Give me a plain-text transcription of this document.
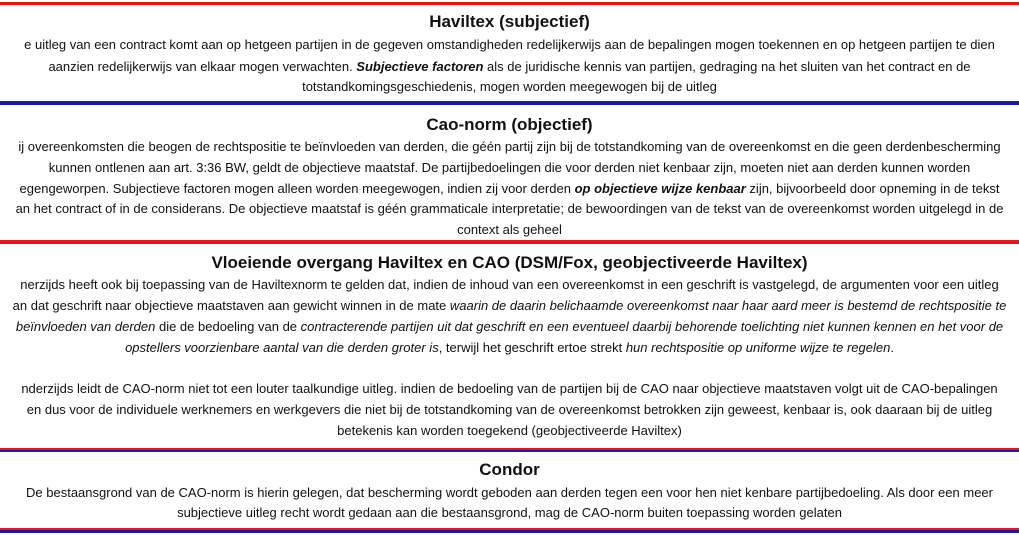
Haviltex (subjectief)
e uitleg van een contract komt aan op hetgeen partijen in de gegeven omstandigheden redelijkerwijs aan de bepalingen mogen toekennen en op hetgeen partijen te dien
aanzien redelijkerwijs van elkaar mogen verwachten. Subjectieve factoren als de juridische kennis van partijen, gedraging na het sluiten van het contract en de
totstandkomingsgeschiedenis, mogen worden meegewogen bij de uitleg
Cao-norm (objectief)
ij overeenkomsten die beogen de rechtspositie te beïnvloeden van derden, die géén partij zijn bij de totstandkoming van de overeenkomst en die geen derdenbescherming
kunnen ontlenen aan art. 3:36 BW, geldt de objectieve maatstaf. De partijbedoelingen die voor derden niet kenbaar zijn, moeten niet aan derden kunnen worden
egengeworpen. Subjectieve factoren mogen alleen worden meegewogen, indien zij voor derden op objectieve wijze kenbaar zijn, bijvoorbeeld door opneming in de tekst
an het contract of in de considerans. De objectieve maatstaf is géén grammaticale interpretatie; de bewoordingen van de tekst van de overeenkomst worden uitgelegd in de
context als geheel
Vloeiende overgang Haviltex en CAO (DSM/Fox, geobjectiveerde Haviltex)
nerzijds heeft ook bij toepassing van de Haviltexnorm te gelden dat, indien de inhoud van een overeenkomst in een geschrift is vastgelegd, de argumenten voor een uitleg
an dat geschrift naar objectieve maatstaven aan gewicht winnen in de mate waarin de daarin belichaamde overeenkomst naar haar aard meer is bestemd de rechtspositie te
beïnvloeden van derden die de bedoeling van de contracterende partijen uit dat geschrift en een eventueel daarbij behorende toelichting niet kunnen kennen en het voor de
opstellers voorzienbare aantal van die derden groter is, terwijl het geschrift ertoe strekt hun rechtspositie op uniforme wijze te regelen.
nderzijds leidt de CAO-norm niet tot een louter taalkundige uitleg. indien de bedoeling van de partijen bij de CAO naar objectieve maatstaven volgt uit de CAO-bepalingen
en dus voor de individuele werknemers en werkgevers die niet bij de totstandkoming van de overeenkomst betrokken zijn geweest, kenbaar is, ook daaraan bij de uitleg
betekenis kan worden toegekend (geobjectiveerde Haviltex)
Condor
De bestaansgrond van de CAO-norm is hierin gelegen, dat bescherming wordt geboden aan derden tegen een voor hen niet kenbare partijbedoeling. Als door een meer
subjectieve uitleg recht wordt gedaan aan die bestaansgrond, mag de CAO-norm buiten toepassing worden gelaten
